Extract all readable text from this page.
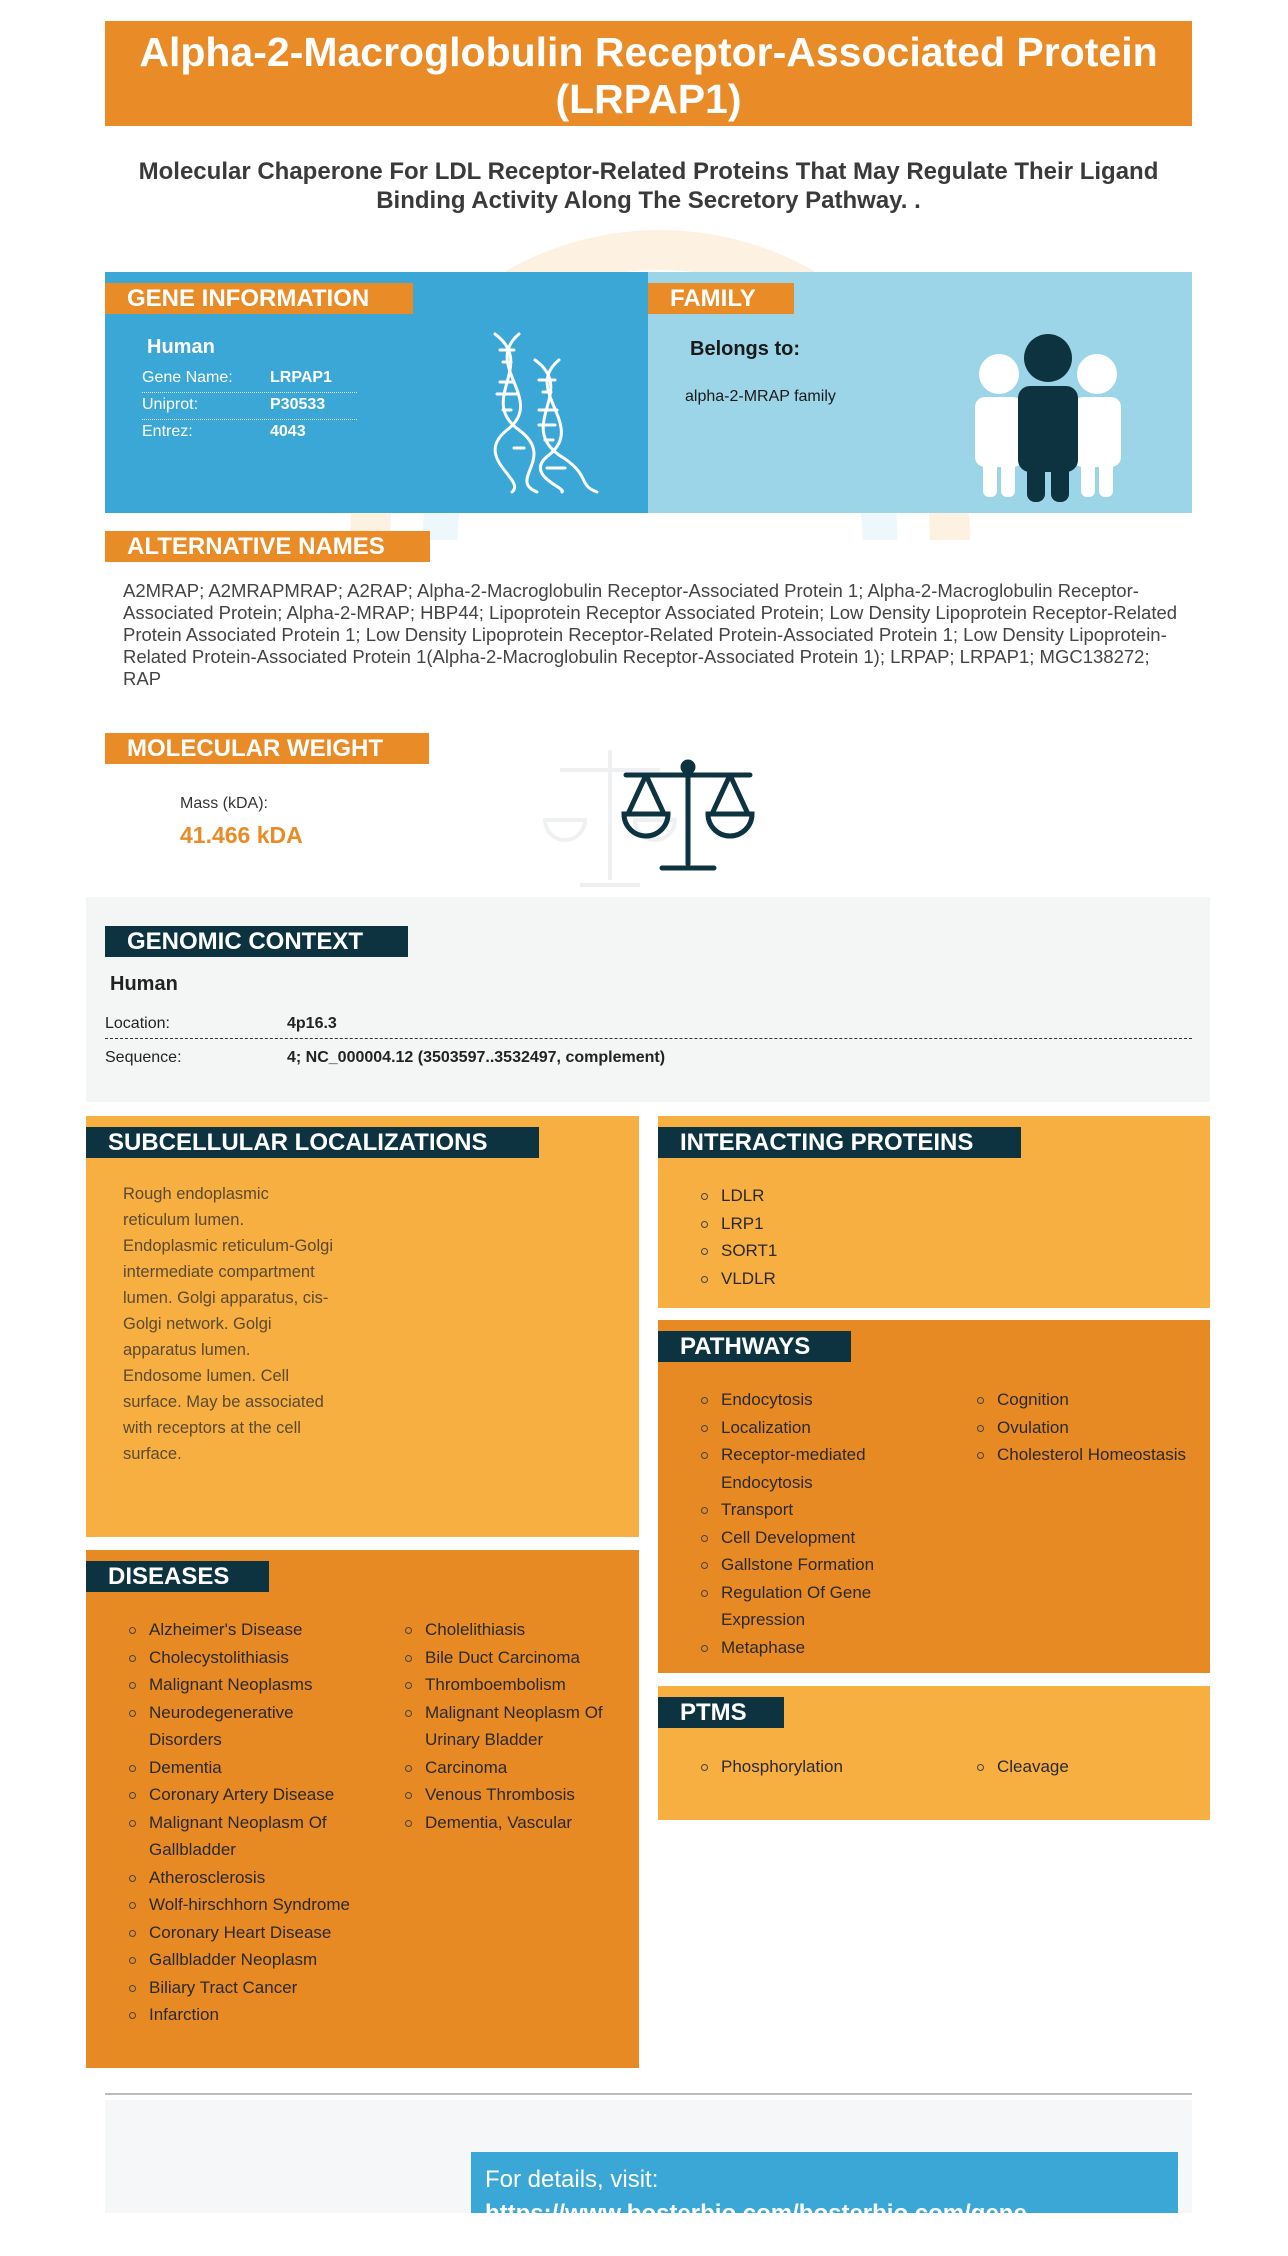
Alpha-2-Macroglobulin Receptor-Associated Protein (LRPAP1)
Molecular Chaperone For LDL Receptor-Related Proteins That May Regulate Their Ligand Binding Activity Along The Secretory Pathway. .
Human
Gene Name: LRPAP1
Uniprot:	P30533
Entrez:	4043
GENE INFORMATION
Belongs to:
alpha-2-MRAP family
FAMILY
ALTERNATIVE NAMES
A2MRAP; A2MRAPMRAP; A2RAP; Alpha-2-Macroglobulin Receptor-Associated Protein 1; Alpha-2-Macroglobulin Receptor-Associated Protein; Alpha-2-MRAP; HBP44; Lipoprotein Receptor Associated Protein; Low Density Lipoprotein Receptor-Related Protein Associated Protein 1; Low Density Lipoprotein Receptor-Related Protein-Associated Protein 1; Low Density Lipoprotein-Related Protein-Associated Protein 1(Alpha-2-Macroglobulin Receptor-Associated Protein 1); LRPAP; LRPAP1; MGC138272; RAP
MOLECULAR WEIGHT
Mass (kDA):
41.466 kDA
Human
Location:	4p16.3
Sequence:	4; NC_000004.12 (3503597..3532497, complement)
GENOMIC CONTEXT
Rough endoplasmic reticulum lumen. Endoplasmic reticulum-Golgi intermediate compartment lumen. Golgi apparatus, cis-Golgi network. Golgi apparatus lumen. Endosome lumen. Cell surface. May be associated with receptors at the cell surface.
SUBCELLULAR LOCALIZATIONS
LDLR
LRP1
SORT1
VLDLR
INTERACTING PROTEINS
Endocytosis
Localization
Receptor-mediated Endocytosis
Transport
Cell Development
Gallstone Formation
Regulation Of Gene Expression
Metaphase
Cognition
Ovulation
Cholesterol Homeostasis
PATHWAYS
Phosphorylation	Cleavage
PTMS
Alzheimer's Disease
Cholecystolithiasis
Malignant Neoplasms
Neurodegenerative Disorders
Dementia
Coronary Artery Disease
Malignant Neoplasm Of Gallbladder
Atherosclerosis
Wolf-hirschhorn Syndrome
Coronary Heart Disease
Gallbladder Neoplasm
Biliary Tract Cancer
Infarction
Cholelithiasis
Bile Duct Carcinoma
Thromboembolism
Malignant Neoplasm Of Urinary Bladder
Carcinoma
Venous Thrombosis
Dementia, Vascular
DISEASES
For details, visit:
https://www.bosterbio.com/bosterbio.com/gene-info/lrpap1/LRPAP1
